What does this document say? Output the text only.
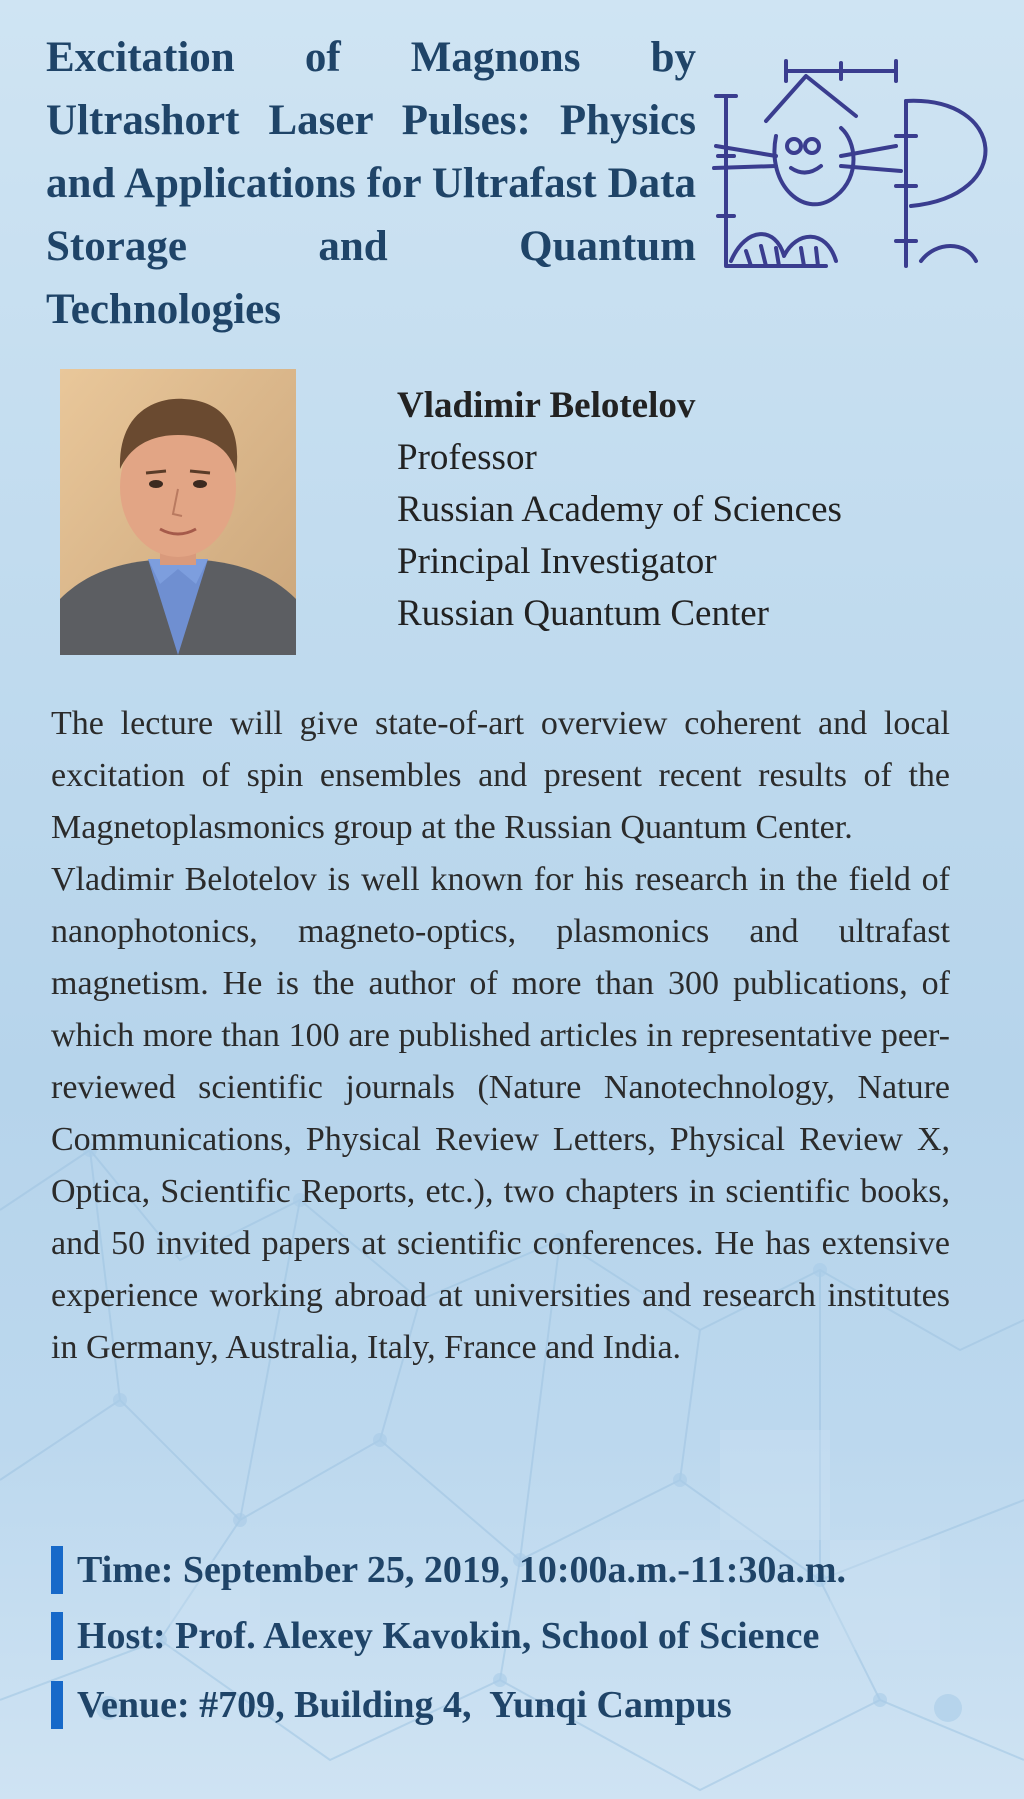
Excitation of Magnons by Ultrashort Laser Pulses: Physics and Applications for Ultrafast Data Storage and Quantum Technologies
Vladimir Belotelov
Professor
Russian Academy of Sciences
Principal Investigator
Russian Quantum Center

The lecture will give state-of-art overview coherent and local excitation of spin ensembles and present recent results of the Magnetoplasmonics group at the Russian Quantum Center.

Vladimir Belotelov is well known for his research in the field of nanophotonics, magneto-optics, plasmonics and ultrafast magnetism. He is the author of more than 300 publications, of which more than 100 are published articles in representative peer-reviewed scientific journals (Nature Nanotechnology, Nature Communications, Physical Review Letters, Physical Review X, Optica, Scientific Reports, etc.), two chapters in scientific books, and 50 invited papers at scientific conferences. He has extensive experience working abroad at universities and research institutes in Germany, Australia, Italy, France and India.

Time: September 25, 2019, 10:00a.m.-11:30a.m.
Host: Prof. Alexey Kavokin, School of Science
Venue: #709, Building 4,  Yunqi Campus
